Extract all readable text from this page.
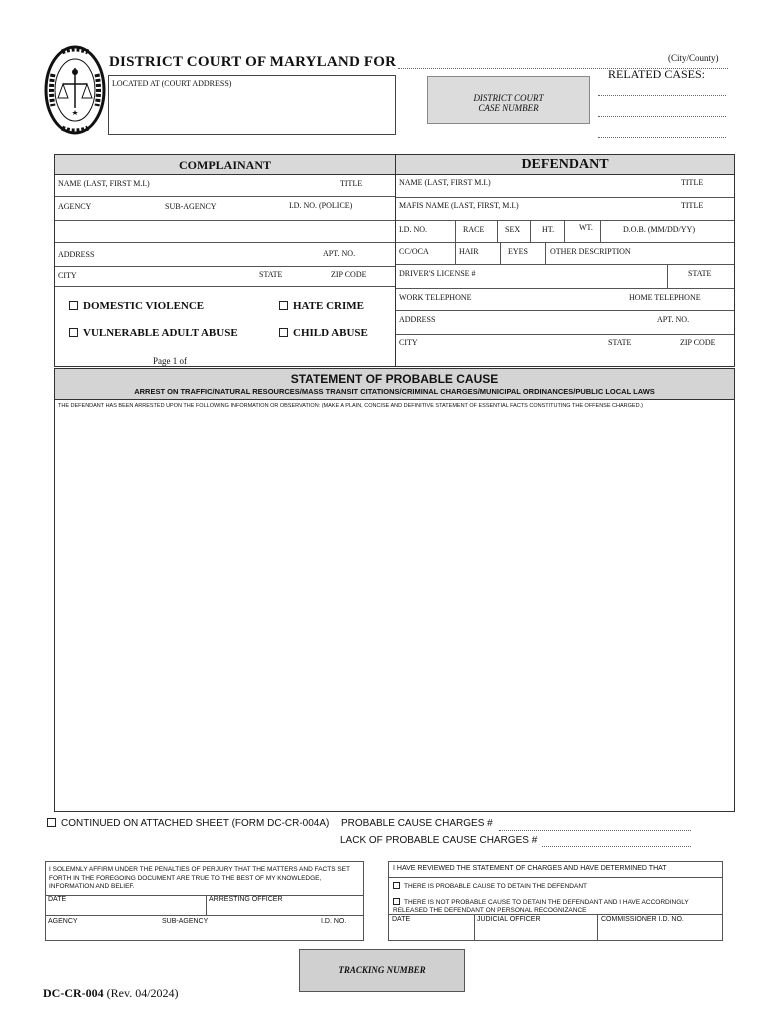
DISTRICT COURT OF MARYLAND FOR	(City/County)
RELATED CASES:
LOCATED AT (COURT ADDRESS)
DISTRICT COURT
CASE NUMBER
COMPLAINANT
NAME (LAST, FIRST M.I.)	TITLE
AGENCY	SUB-AGENCY	I.D. NO. (POLICE)
ADDRESS	APT. NO.
CITY	STATE	ZIP CODE
DOMESTIC VIOLENCE	HATE CRIME
VULNERABLE ADULT ABUSE	CHILD ABUSE
Page 1 of
DEFENDANT
NAME (LAST, FIRST M.I.)	TITLE
MAFIS NAME (LAST, FIRST, M.I.)	TITLE
I.D. NO.	RACE	SEX	HT.	WT.	D.O.B. (MM/DD/YY)
CC/OCA	HAIR	EYES	OTHER DESCRIPTION
DRIVER'S LICENSE #	STATE
WORK TELEPHONE	HOME TELEPHONE
ADDRESS	APT. NO.
CITY	STATE	ZIP CODE
STATEMENT OF PROBABLE CAUSE
ARREST ON TRAFFIC/NATURAL RESOURCES/MASS TRANSIT CITATIONS/CRIMINAL CHARGES/MUNICIPAL ORDINANCES/PUBLIC LOCAL LAWS
THE DEFENDANT HAS BEEN ARRESTED UPON THE FOLLOWING INFORMATION OR OBSERVATION: (MAKE A PLAIN, CONCISE AND DEFINITIVE STATEMENT OF ESSENTIAL FACTS CONSTITUTING THE OFFENSE CHARGED.)
CONTINUED ON ATTACHED SHEET (FORM DC-CR-004A) PROBABLE CAUSE CHARGES #
LACK OF PROBABLE CAUSE CHARGES #
I SOLEMNLY AFFIRM UNDER THE PENALTIES OF PERJURY THAT THE MATTERS AND FACTS SET FORTH IN THE FOREGOING DOCUMENT ARE TRUE TO THE BEST OF MY KNOWLEDGE, INFORMATION AND BELIEF.
DATE	ARRESTING OFFICER
AGENCY	SUB-AGENCY	I.D. NO.
I HAVE REVIEWED THE STATEMENT OF CHARGES AND HAVE DETERMINED THAT
THERE IS PROBABLE CAUSE TO DETAIN THE DEFENDANT
THERE IS NOT PROBABLE CAUSE TO DETAIN THE DEFENDANT AND I HAVE ACCORDINGLY RELEASED THE DEFENDANT ON PERSONAL RECOGNIZANCE
DATE	JUDICIAL OFFICER	COMMISSIONER I.D. NO.
TRACKING NUMBER
DC-CR-004 (Rev. 04/2024)
